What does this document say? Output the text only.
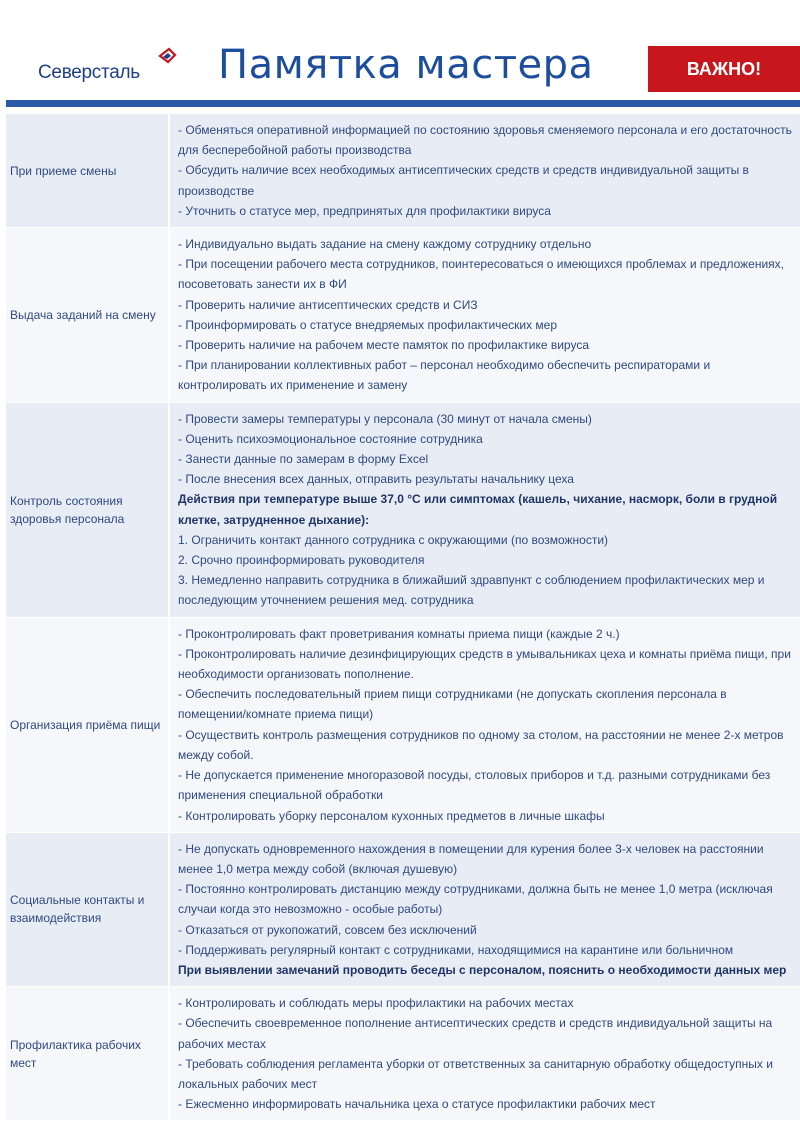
Северсталь Памятка мастера	ВАЖНО!
При приеме смены
- Обменяться оперативной информацией по состоянию здоровья сменяемого персонала и его достаточность для бесперебойной работы производства
- Обсудить наличие всех необходимых антисептических средств и средств индивидуальной защиты в производстве
- Уточнить о статусе мер, предпринятых для профилактики вируса
Выдача заданий на смену
- Индивидуально выдать задание на смену каждому сотруднику отдельно
- При посещении рабочего места сотрудников, поинтересоваться о имеющихся проблемах и предложениях, посоветовать занести их в ФИ
- Проверить наличие антисептических средств и СИЗ
- Проинформировать о статусе внедряемых профилактических мер
- Проверить наличие на рабочем месте памяток по профилактике вируса
- При планировании коллективных работ – персонал необходимо обеспечить респираторами и контролировать их применение и замену
Контроль состояния здоровья персонала
- Провести замеры температуры у персонала (30 минут от начала смены)
- Оценить психоэмоциональное состояние сотрудника
- Занести данные по замерам в форму Excel
- После внесения всех данных, отправить результаты начальнику цеха
Действия при температуре выше 37,0 °С или симптомах (кашель, чихание, насморк, боли в грудной клетке, затрудненное дыхание):
1. Ограничить контакт данного сотрудника с окружающими (по возможности)
2. Срочно проинформировать руководителя
3. Немедленно направить сотрудника в ближайший здравпункт с соблюдением профилактических мер и последующим уточнением решения мед. сотрудника
Организация приёма пищи
- Проконтролировать факт проветривания комнаты приема пищи (каждые 2 ч.)
- Проконтролировать наличие дезинфицирующих средств в умывальниках цеха и комнаты приёма пищи, при необходимости организовать пополнение.
- Обеспечить последовательный прием пищи сотрудниками (не допускать скопления персонала в помещении/комнате приема пищи)
- Осуществить контроль размещения сотрудников по одному за столом, на расстоянии не менее 2-х метров между собой.
- Не допускается применение многоразовой посуды, столовых приборов и т.д. разными сотрудниками без применения специальной обработки
- Контролировать уборку персоналом кухонных предметов в личные шкафы
Социальные контакты и взаимодействия
- Не допускать одновременного нахождения в помещении для курения более 3-х человек на расстоянии менее 1,0 метра между собой (включая душевую)
- Постоянно контролировать дистанцию между сотрудниками, должна быть не менее 1,0 метра (исключая случаи когда это невозможно - особые работы)
- Отказаться от рукопожатий, совсем без исключений
- Поддерживать регулярный контакт с сотрудниками, находящимися на карантине или больничном
При выявлении замечаний проводить беседы с персоналом, пояснить о необходимости данных мер
Профилактика рабочих мест
- Контролировать и соблюдать меры профилактики на рабочих местах
- Обеспечить своевременное пополнение антисептических средств и средств индивидуальной защиты на рабочих местах
- Требовать соблюдения регламента уборки от ответственных за санитарную обработку общедоступных и локальных рабочих мест
- Ежесменно информировать начальника цеха о статусе профилактики рабочих мест
